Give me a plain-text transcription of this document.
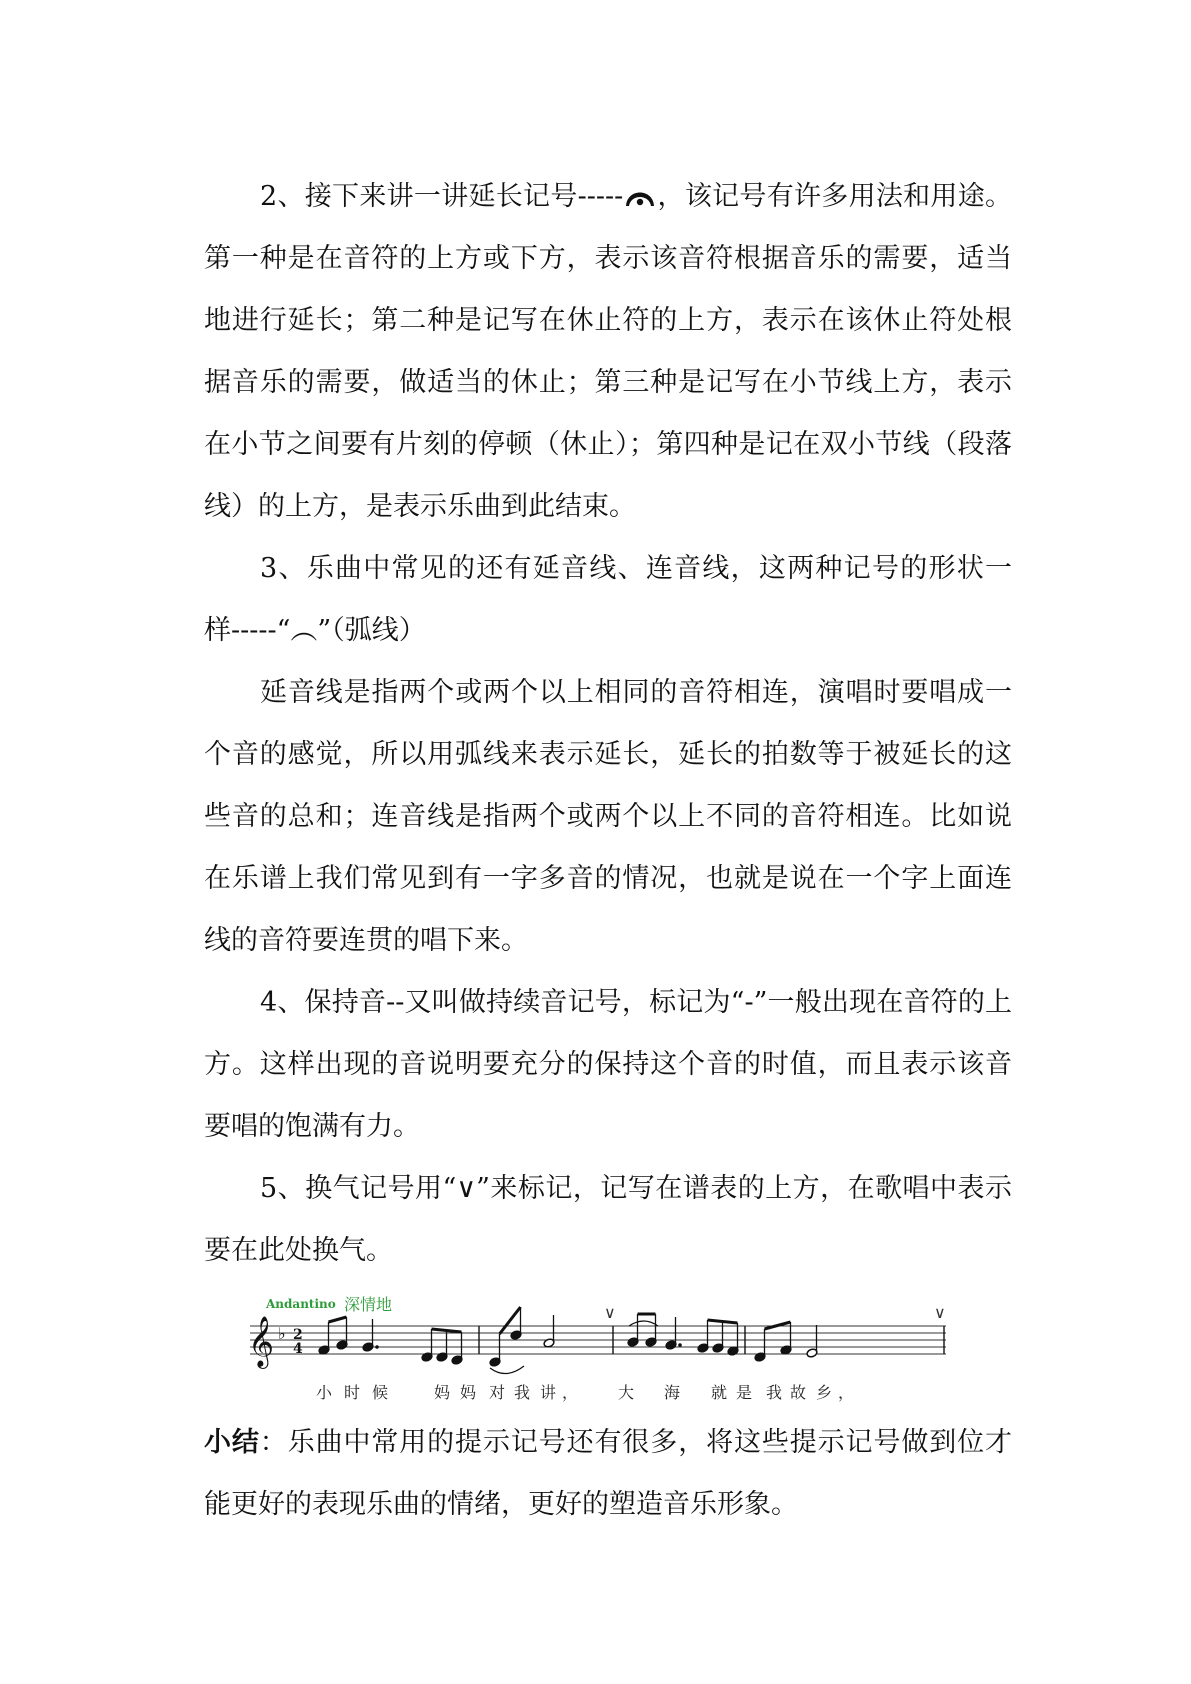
2、接下来讲一讲延长记号----- ，该记号有许多用法和用途。第一种是在音符的上方或下方，表示该音符根据音乐的需要，适当地进行延长；第二种是记写在休止符的上方，表示在该休止符处根据音乐的需要，做适当的休止；第三种是记写在小节线上方，表示在小节之间要有片刻的停顿（休止）；第四种是记在双小节线（段落线）的上方，是表示乐曲到此结束。

3、乐曲中常见的还有延音线、连音线，这两种记号的形状一样-----“︵”（弧线）

延音线是指两个或两个以上相同的音符相连，演唱时要唱成一个音的感觉，所以用弧线来表示延长，延长的拍数等于被延长的这些音的总和；连音线是指两个或两个以上不同的音符相连。比如说在乐谱上我们常见到有一字多音的情况，也就是说在一个字上面连线的音符要连贯的唱下来。

4、保持音--又叫做持续音记号，标记为“-”一般出现在音符的上方。这样出现的音说明要充分的保持这个音的时值，而且表示该音要唱的饱满有力。

5、换气记号用“∨”来标记，记写在谱表的上方，在歌唱中表示要在此处换气。

Andantino 深情地
𝄞 ♭ 2
4
∨	∨
小 时 候	妈 妈 对 我 讲 ， 大 海 就 是 我 故 乡 ，

小结：乐曲中常用的提示记号还有很多，将这些提示记号做到位才能更好的表现乐曲的情绪，更好的塑造音乐形象。
